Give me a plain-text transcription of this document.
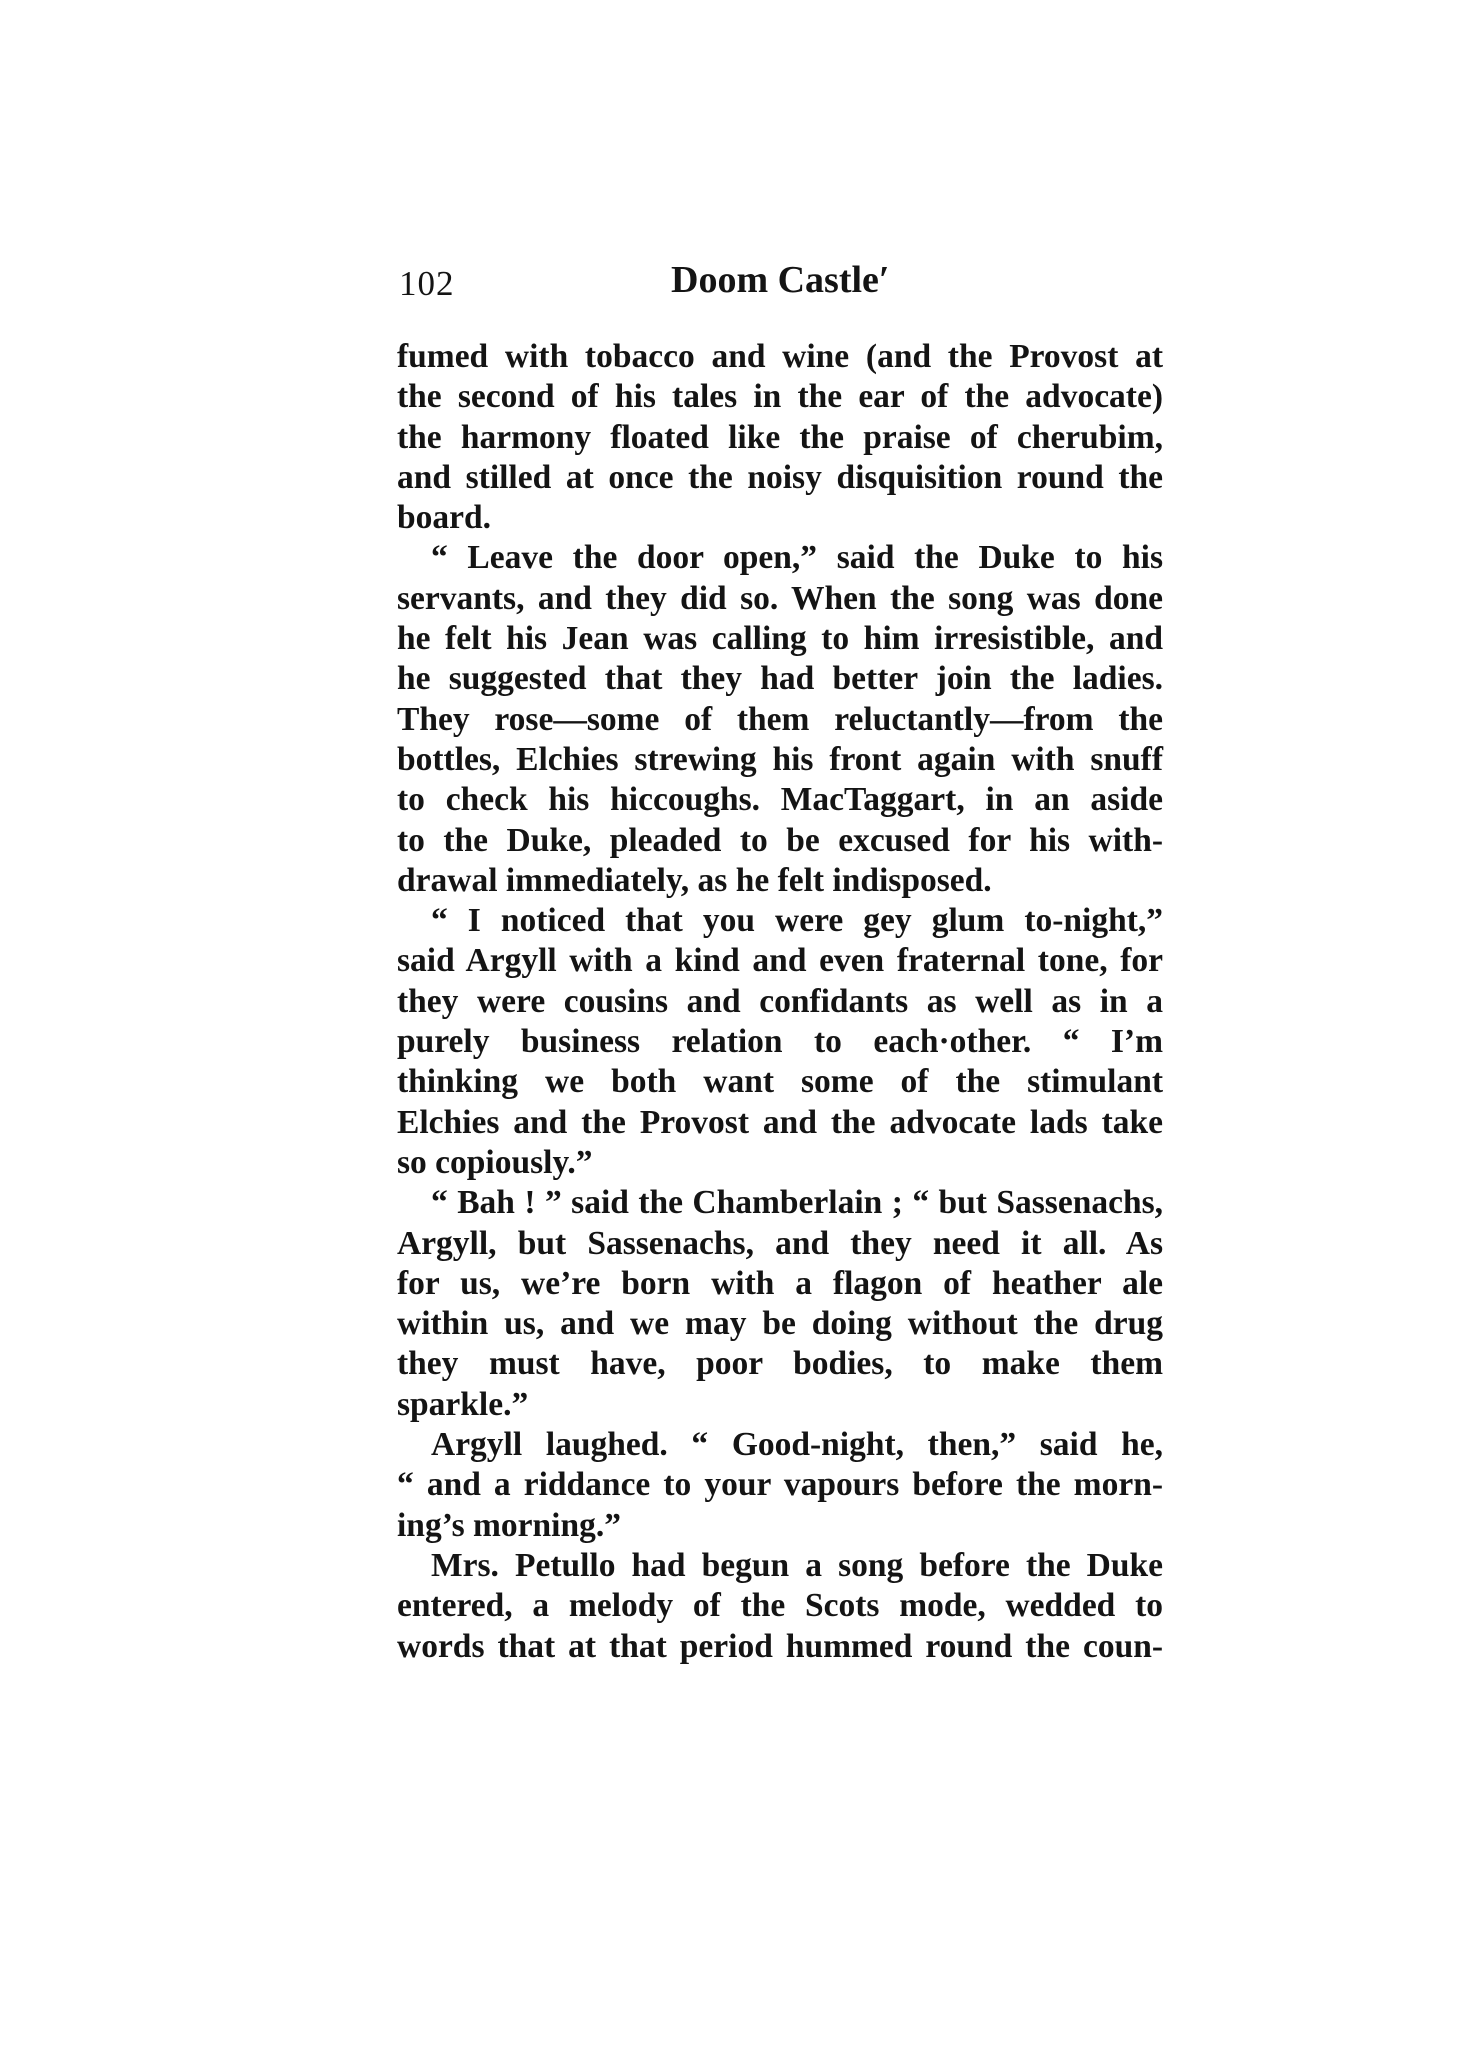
102	Doom Castle′
fumed with tobacco and wine (and the Provost at
the second of his tales in the ear of the advocate)
the harmony floated like the praise of cherubim,
and stilled at once the noisy disquisition round the
board.
“ Leave the door open,” said the Duke to his
servants, and they did so. When the song was done
he felt his Jean was calling to him irresistible, and
he suggested that they had better join the ladies.
They rose—some of them reluctantly—from the
bottles, Elchies strewing his front again with snuff
to check his hiccoughs. MacTaggart, in an aside
to the Duke, pleaded to be excused for his with-
drawal immediately, as he felt indisposed.
“ I noticed that you were gey glum to-night,”
said Argyll with a kind and even fraternal tone, for
they were cousins and confidants as well as in a
purely business relation to each·other. “ I’m
thinking we both want some of the stimulant
Elchies and the Provost and the advocate lads take
so copiously.”
“ Bah ! ” said the Chamberlain ; “ but Sassenachs,
Argyll, but Sassenachs, and they need it all. As
for us, we’re born with a flagon of heather ale
within us, and we may be doing without the drug
they must have, poor bodies, to make them
sparkle.”
Argyll laughed. “ Good-night, then,” said he,
“ and a riddance to your vapours before the morn-
ing’s morning.”
Mrs. Petullo had begun a song before the Duke
entered, a melody of the Scots mode, wedded to
words that at that period hummed round the coun-
